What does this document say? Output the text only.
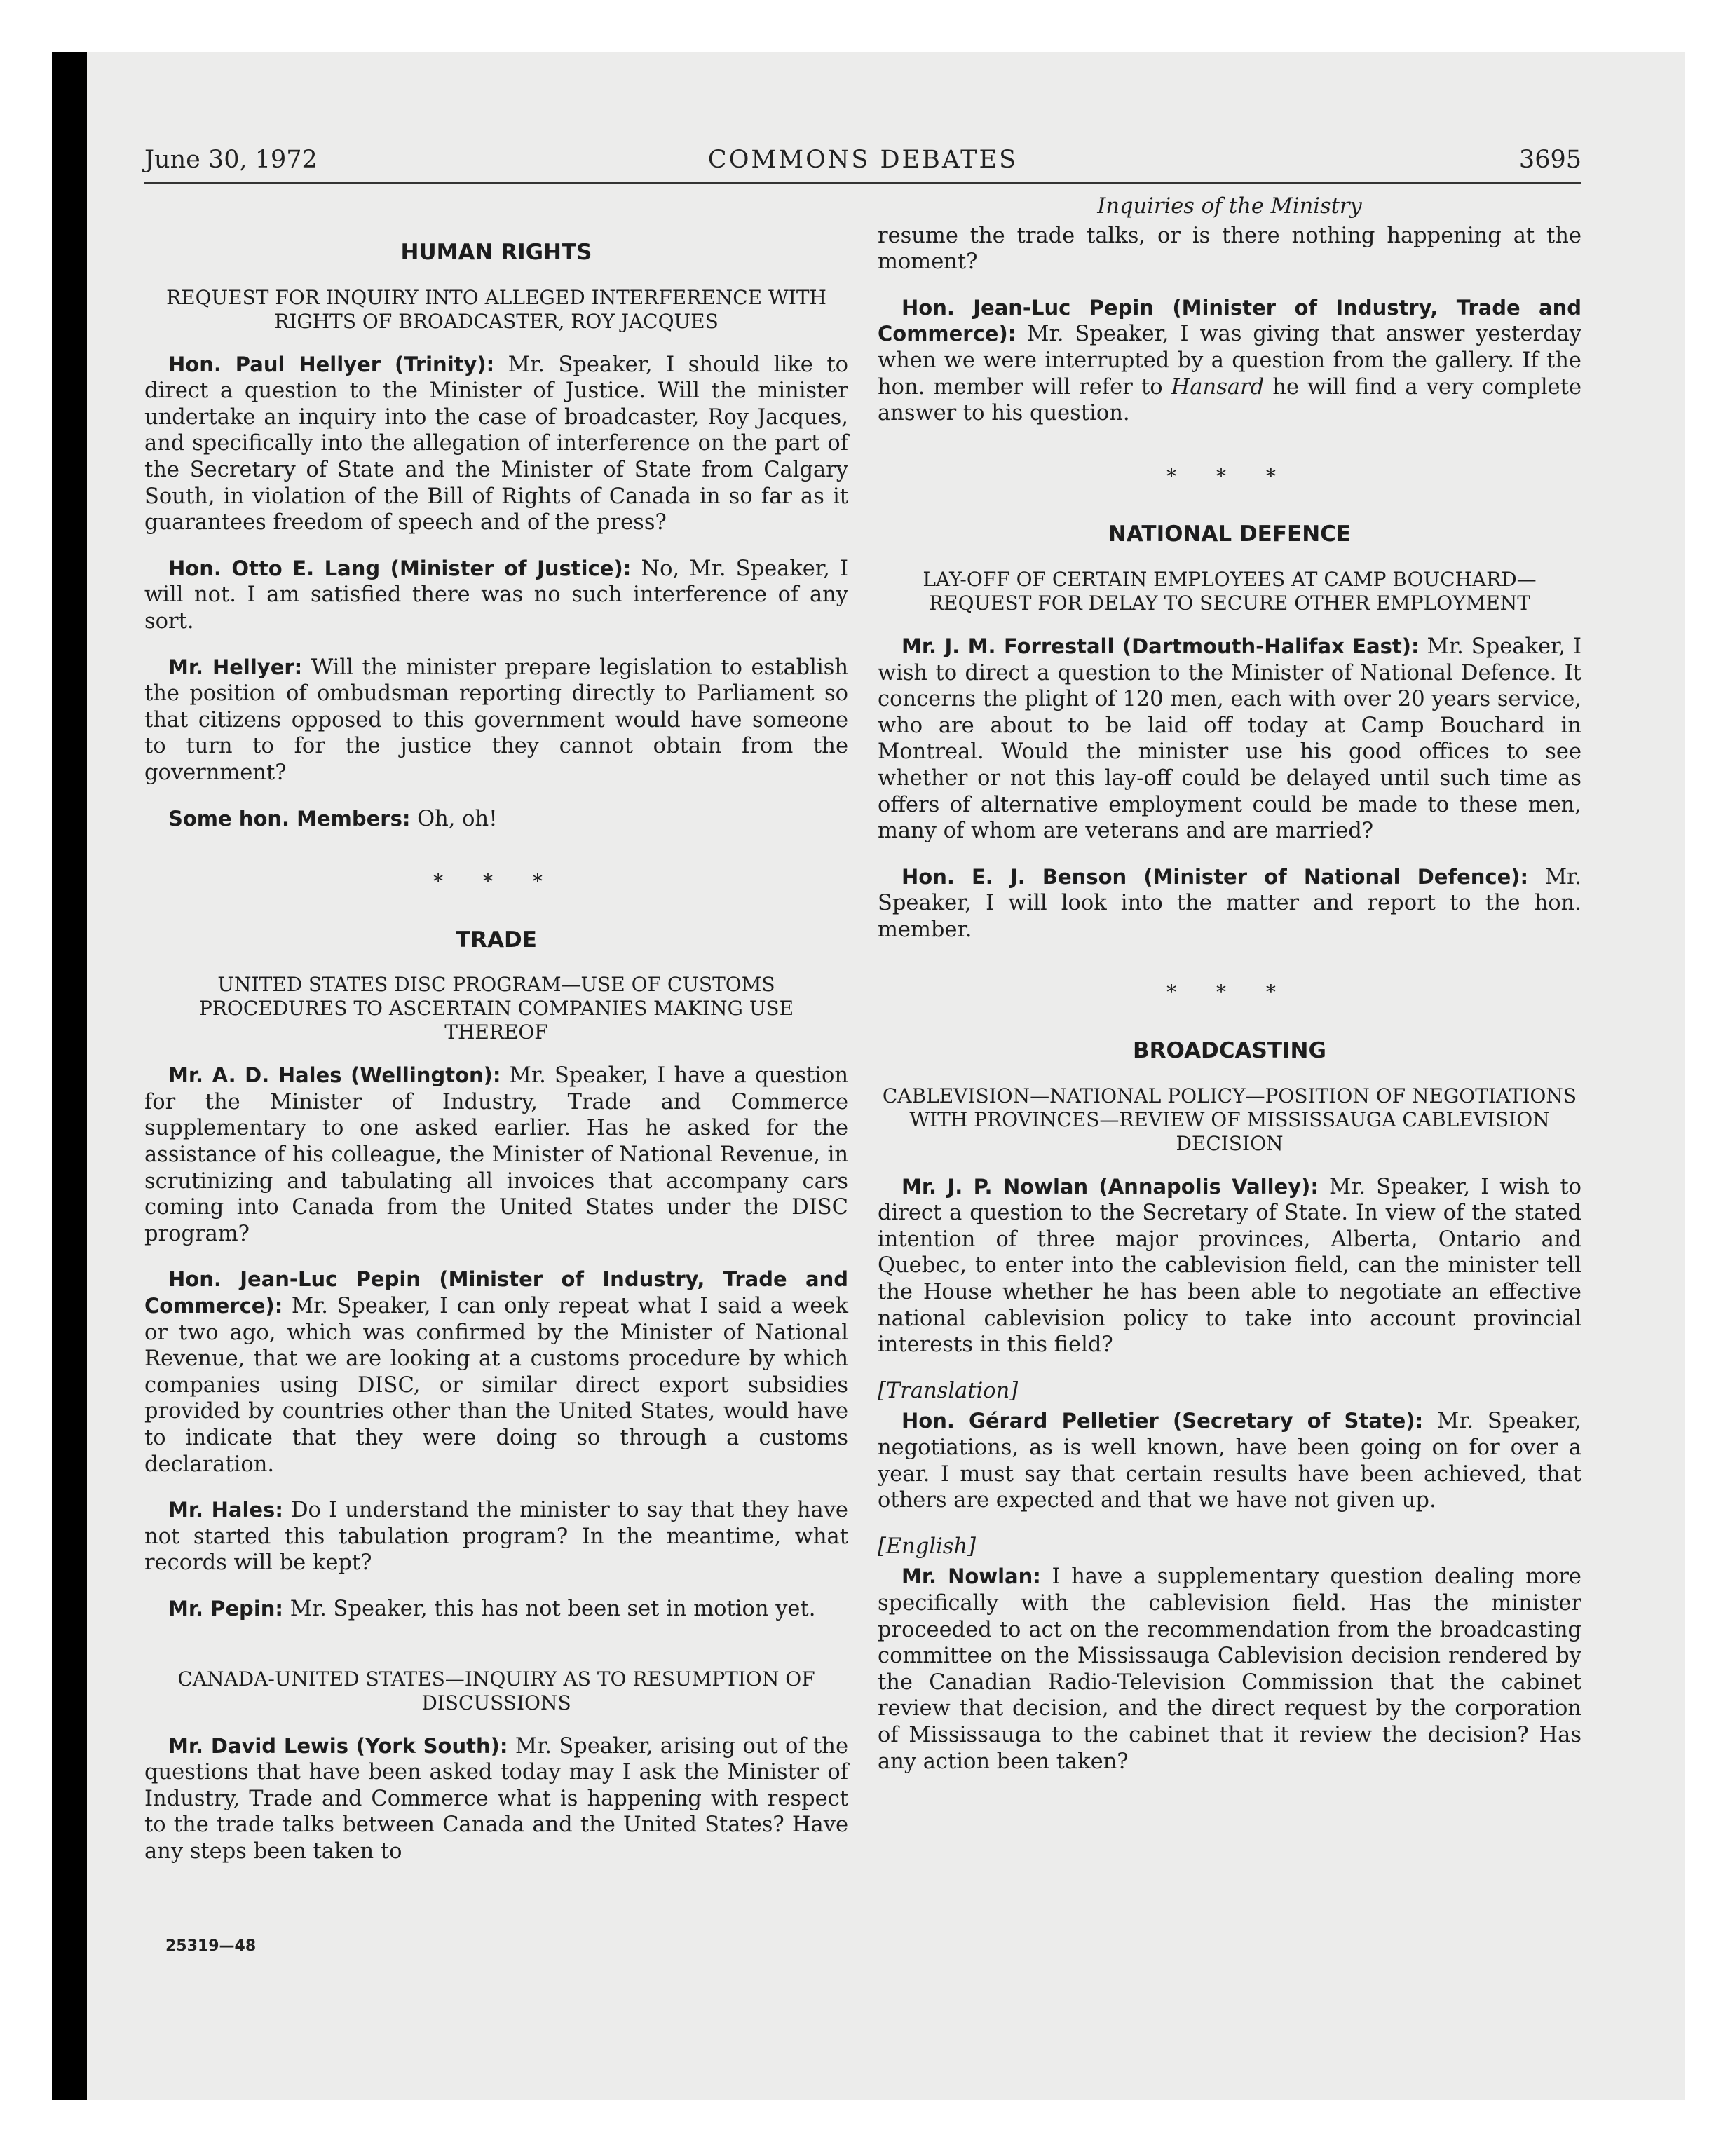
June 30, 1972	COMMONS DEBATES	3695
HUMAN RIGHTS
REQUEST FOR INQUIRY INTO ALLEGED INTERFERENCE WITH RIGHTS OF BROADCASTER, ROY JACQUES

Hon. Paul Hellyer (Trinity): Mr. Speaker, I should like to direct a question to the Minister of Justice. Will the minister undertake an inquiry into the case of broadcaster, Roy Jacques, and specifically into the allegation of interference on the part of the Secretary of State and the Minister of State from Calgary South, in violation of the Bill of Rights of Canada in so far as it guarantees freedom of speech and of the press?

Hon. Otto E. Lang (Minister of Justice): No, Mr. Speaker, I will not. I am satisfied there was no such interference of any sort.

Mr. Hellyer: Will the minister prepare legislation to establish the position of ombudsman reporting directly to Parliament so that citizens opposed to this government would have someone to turn to for the justice they cannot obtain from the government?

Some hon. Members: Oh, oh!

* * *
TRADE
UNITED STATES DISC PROGRAM—USE OF CUSTOMS PROCEDURES TO ASCERTAIN COMPANIES MAKING USE THEREOF

Mr. A. D. Hales (Wellington): Mr. Speaker, I have a question for the Minister of Industry, Trade and Commerce supplementary to one asked earlier. Has he asked for the assistance of his colleague, the Minister of National Revenue, in scrutinizing and tabulating all invoices that accompany cars coming into Canada from the United States under the DISC program?

Hon. Jean-Luc Pepin (Minister of Industry, Trade and Commerce): Mr. Speaker, I can only repeat what I said a week or two ago, which was confirmed by the Minister of National Revenue, that we are looking at a customs procedure by which companies using DISC, or similar direct export subsidies provided by countries other than the United States, would have to indicate that they were doing so through a customs declaration.

Mr. Hales: Do I understand the minister to say that they have not started this tabulation program? In the meantime, what records will be kept?

Mr. Pepin: Mr. Speaker, this has not been set in motion yet.

CANADA-UNITED STATES—INQUIRY AS TO RESUMPTION OF DISCUSSIONS

Mr. David Lewis (York South): Mr. Speaker, arising out of the questions that have been asked today may I ask the Minister of Industry, Trade and Commerce what is happening with respect to the trade talks between Canada and the United States? Have any steps been taken to

Inquiries of the Ministry

resume the trade talks, or is there nothing happening at the moment?

Hon. Jean-Luc Pepin (Minister of Industry, Trade and Commerce): Mr. Speaker, I was giving that answer yesterday when we were interrupted by a question from the gallery. If the hon. member will refer to Hansard he will find a very complete answer to his question.

* * *
NATIONAL DEFENCE
LAY-OFF OF CERTAIN EMPLOYEES AT CAMP BOUCHARD—REQUEST FOR DELAY TO SECURE OTHER EMPLOYMENT

Mr. J. M. Forrestall (Dartmouth-Halifax East): Mr. Speaker, I wish to direct a question to the Minister of National Defence. It concerns the plight of 120 men, each with over 20 years service, who are about to be laid off today at Camp Bouchard in Montreal. Would the minister use his good offices to see whether or not this lay-off could be delayed until such time as offers of alternative employment could be made to these men, many of whom are veterans and are married?

Hon. E. J. Benson (Minister of National Defence): Mr. Speaker, I will look into the matter and report to the hon. member.

* * *
BROADCASTING
CABLEVISION—NATIONAL POLICY—POSITION OF NEGOTIATIONS WITH PROVINCES—REVIEW OF MISSISSAUGA CABLEVISION DECISION

Mr. J. P. Nowlan (Annapolis Valley): Mr. Speaker, I wish to direct a question to the Secretary of State. In view of the stated intention of three major provinces, Alberta, Ontario and Quebec, to enter into the cablevision field, can the minister tell the House whether he has been able to negotiate an effective national cablevision policy to take into account provincial interests in this field?

[Translation]

Hon. Gérard Pelletier (Secretary of State): Mr. Speaker, negotiations, as is well known, have been going on for over a year. I must say that certain results have been achieved, that others are expected and that we have not given up.

[English]

Mr. Nowlan: I have a supplementary question dealing more specifically with the cablevision field. Has the minister proceeded to act on the recommendation from the broadcasting committee on the Mississauga Cablevision decision rendered by the Canadian Radio-Television Commission that the cabinet review that decision, and the direct request by the corporation of Mississauga to the cabinet that it review the decision? Has any action been taken?

25319—48
